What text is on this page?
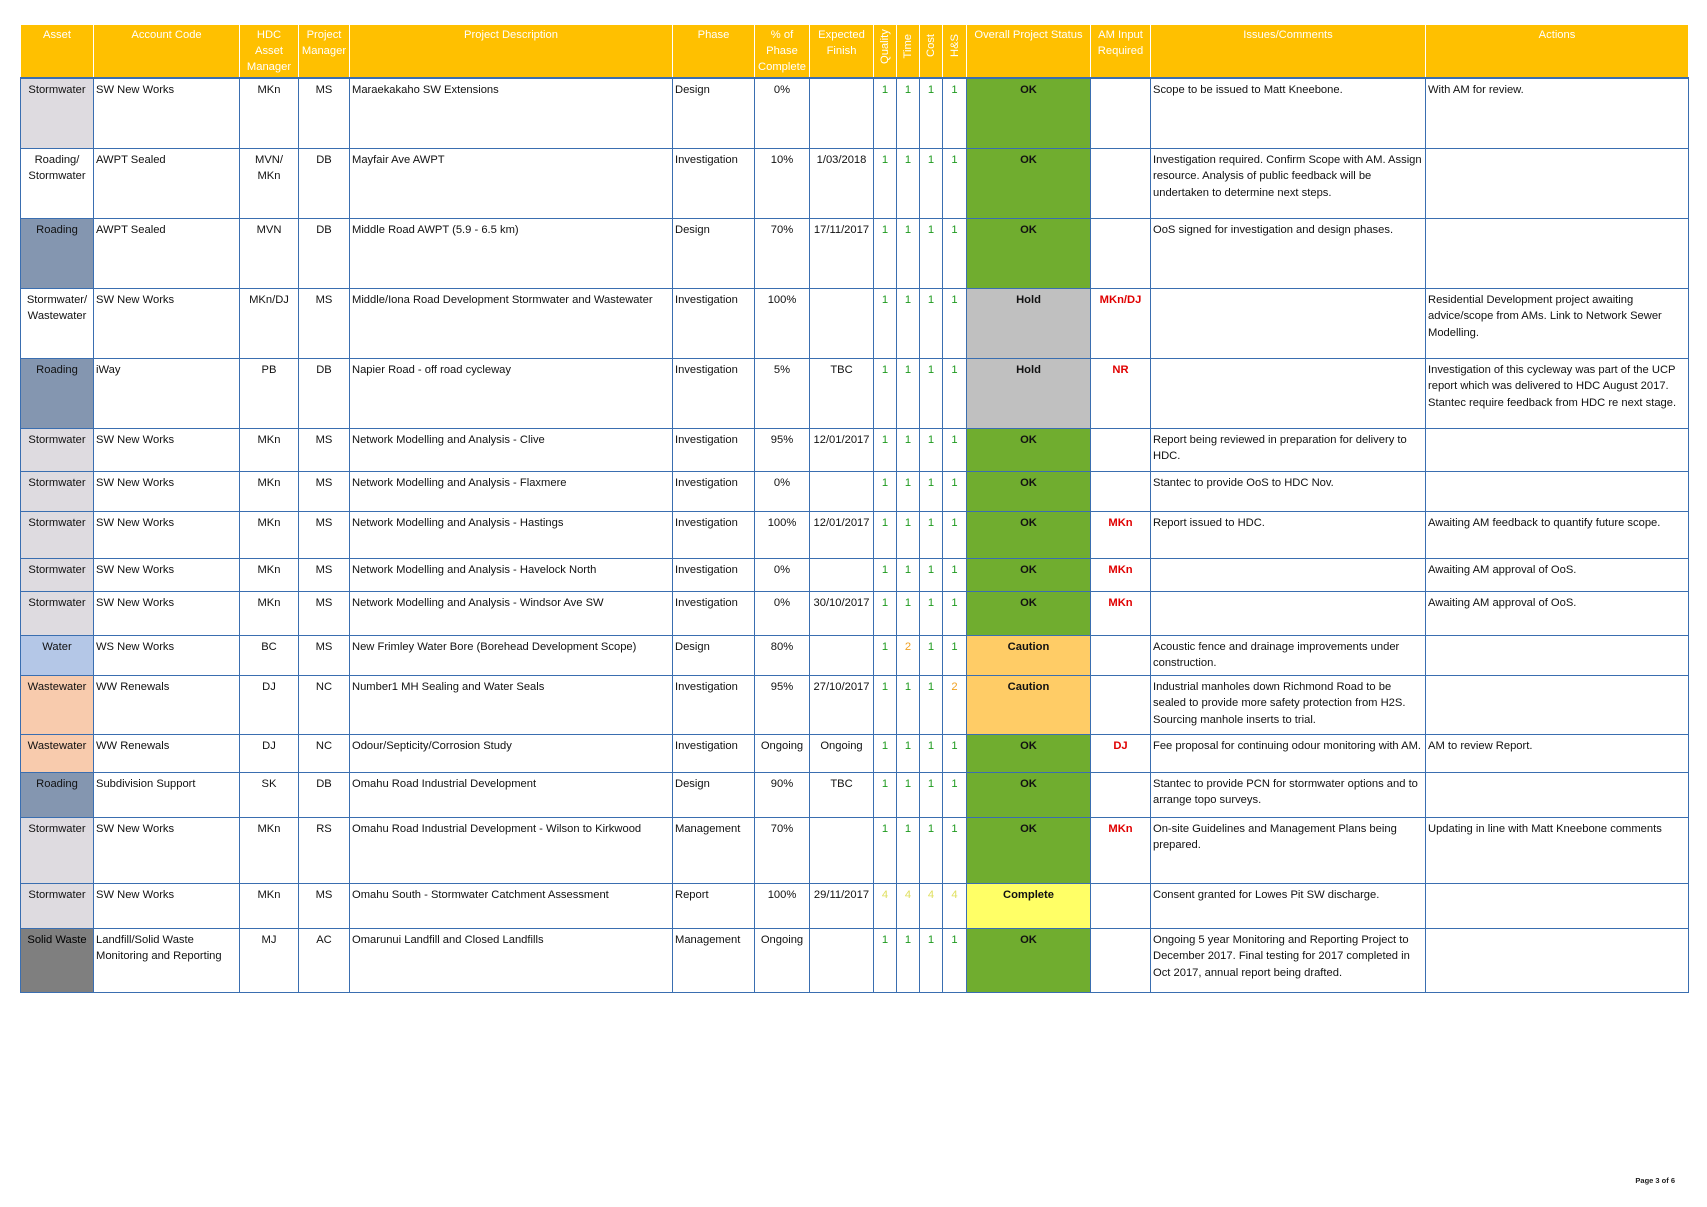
Asset	Account Code	HDC Asset Manager	Project Manager	Project Description	Phase	% of Phase Complete	Expected Finish	Quality	Time	Cost	H&S	Overall Project Status	AM Input Required	Issues/Comments	Actions
Stormwater	SW New Works	MKn	MS	Maraekakaho SW Extensions	Design	0%		1	1	1	1	OK		Scope to be issued to Matt Kneebone.	With AM for review.
Roading/ Stormwater	AWPT Sealed	MVN/ MKn	DB	Mayfair Ave AWPT	Investigation	10%	1/03/2018	1	1	1	1	OK		Investigation required. Confirm Scope with AM. Assign resource. Analysis of public feedback will be undertaken to determine next steps.	
Roading	AWPT Sealed	MVN	DB	Middle Road AWPT (5.9 - 6.5 km)	Design	70%	17/11/2017	1	1	1	1	OK		OoS signed for investigation and design phases.	
Stormwater/ Wastewater	SW New Works	MKn/DJ	MS	Middle/Iona Road Development Stormwater and Wastewater	Investigation	100%		1	1	1	1	Hold	MKn/DJ		Residential Development project awaiting advice/scope from AMs. Link to Network Sewer Modelling.
Roading	iWay	PB	DB	Napier Road - off road cycleway	Investigation	5%	TBC	1	1	1	1	Hold	NR		Investigation of this cycleway was part of the UCP report which was delivered to HDC August 2017. Stantec require feedback from HDC re next stage.
Stormwater	SW New Works	MKn	MS	Network Modelling and Analysis - Clive	Investigation	95%	12/01/2017	1	1	1	1	OK		Report being reviewed in preparation for delivery to HDC.	
Stormwater	SW New Works	MKn	MS	Network Modelling and Analysis - Flaxmere	Investigation	0%		1	1	1	1	OK		Stantec to provide OoS to HDC Nov.	
Stormwater	SW New Works	MKn	MS	Network Modelling and Analysis - Hastings	Investigation	100%	12/01/2017	1	1	1	1	OK	MKn	Report issued to HDC.	Awaiting AM feedback to quantify future scope.
Stormwater	SW New Works	MKn	MS	Network Modelling and Analysis - Havelock North	Investigation	0%		1	1	1	1	OK	MKn		Awaiting AM approval of OoS.
Stormwater	SW New Works	MKn	MS	Network Modelling and Analysis - Windsor Ave SW	Investigation	0%	30/10/2017	1	1	1	1	OK	MKn		Awaiting AM approval of OoS.
Water	WS New Works	BC	MS	New Frimley Water Bore (Borehead Development Scope)	Design	80%		1	2	1	1	Caution		Acoustic fence and drainage improvements under construction.	
Wastewater	WW Renewals	DJ	NC	Number1 MH Sealing and Water Seals	Investigation	95%	27/10/2017	1	1	1	2	Caution		Industrial manholes down Richmond Road to be sealed to provide more safety protection from H2S. Sourcing manhole inserts to trial.	
Wastewater	WW Renewals	DJ	NC	Odour/Septicity/Corrosion Study	Investigation	Ongoing	Ongoing	1	1	1	1	OK	DJ	Fee proposal for continuing odour monitoring with AM.	AM to review Report.
Roading	Subdivision Support	SK	DB	Omahu Road Industrial Development	Design	90%	TBC	1	1	1	1	OK		Stantec to provide PCN for stormwater options and to arrange topo surveys.	
Stormwater	SW New Works	MKn	RS	Omahu Road Industrial Development - Wilson to Kirkwood	Management	70%		1	1	1	1	OK	MKn	On-site Guidelines and Management Plans being prepared.	Updating in line with Matt Kneebone comments
Stormwater	SW New Works	MKn	MS	Omahu South - Stormwater Catchment Assessment	Report	100%	29/11/2017	4	4	4	4	Complete		Consent granted for Lowes Pit SW discharge.	
Solid Waste	Landfill/Solid Waste Monitoring and Reporting	MJ	AC	Omarunui Landfill and Closed Landfills	Management	Ongoing		1	1	1	1	OK		Ongoing 5 year Monitoring and Reporting Project to December 2017. Final testing for 2017 completed in Oct 2017, annual report being drafted.	
Page 3 of 6
